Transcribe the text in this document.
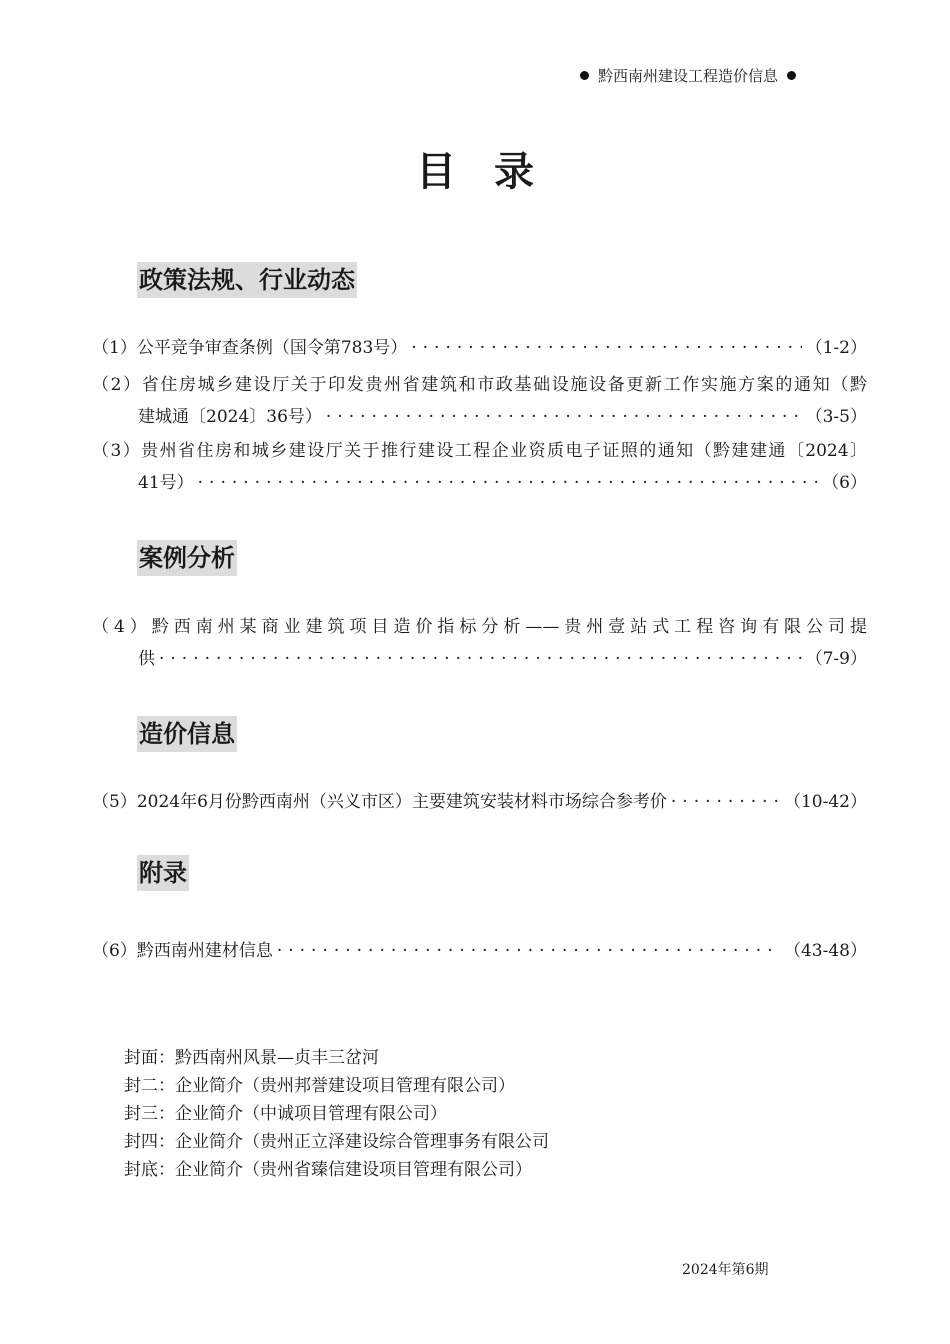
黔西南州建设工程造价信息
目录
政策法规、行业动态
（1）公平竞争审查条例（国令第783号） ·····	（1-2）
（2）省住房城乡建设厅关于印发贵州省建筑和市政基础设施设备更新工作实施方案的通知（黔
建城通〔2024〕36号） ·····	（3-5）
（3）贵州省住房和城乡建设厅关于推行建设工程企业资质电子证照的通知（黔建建通〔2024〕
41号） ·····	（6）
案例分析
（4）黔西南州某商业建筑项目造价指标分析——贵州壹站式工程咨询有限公司提
供 ·····	（7-9）
造价信息
（5）2024年6月份黔西南州（兴义市区）主要建筑安装材料市场综合参考价 ·····	（10-42）
附录
（6）黔西南州建材信息 ·····	（43-48）
封面：黔西南州风景—贞丰三岔河
封二：企业简介（贵州邦誉建设项目管理有限公司）
封三：企业简介（中诚项目管理有限公司）
封四：企业简介（贵州正立泽建设综合管理事务有限公司
封底：企业简介（贵州省臻信建设项目管理有限公司）
2024年第6期
